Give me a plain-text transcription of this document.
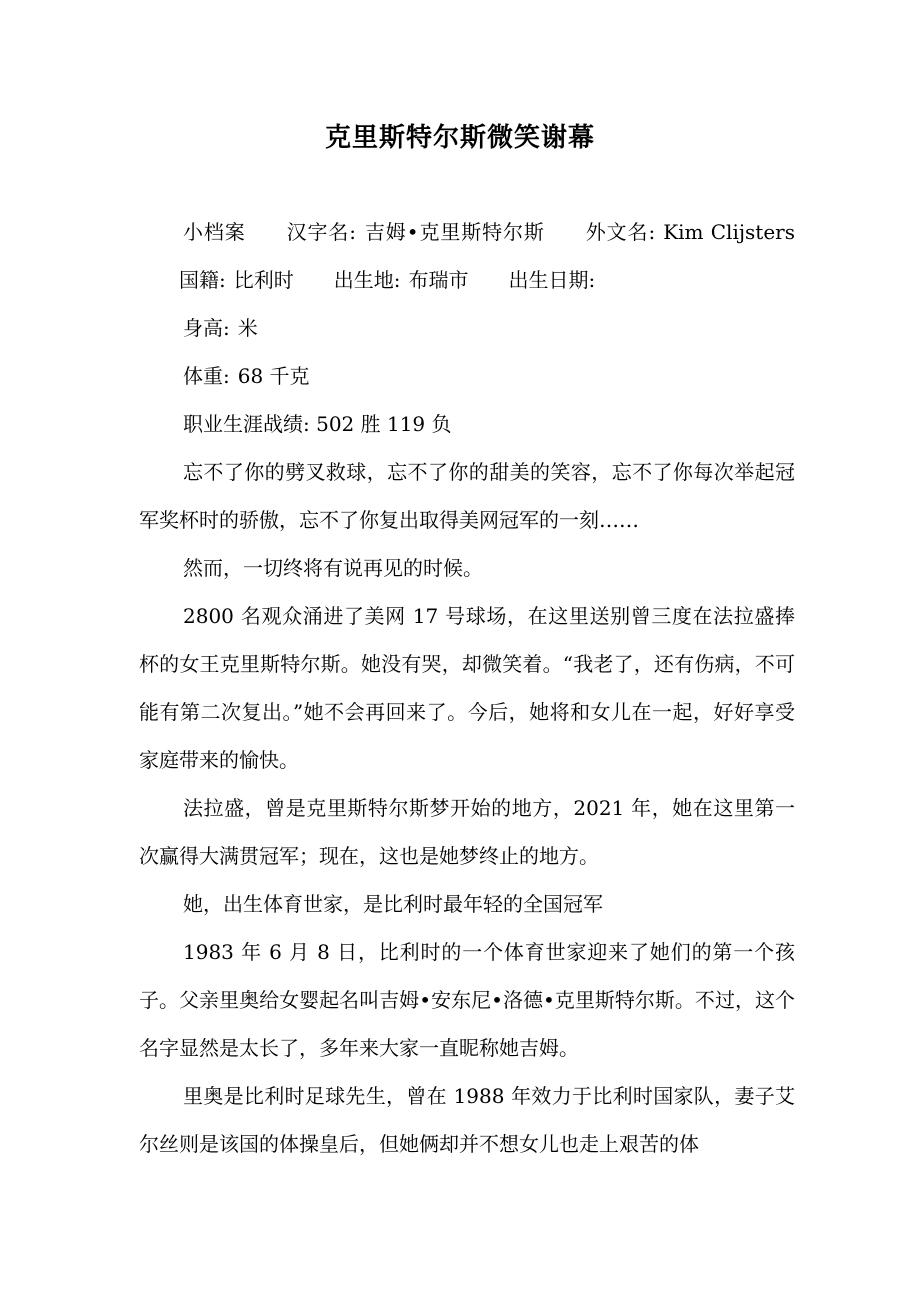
克里斯特尔斯微笑谢幕

小档案 汉字名: 吉姆•克里斯特尔斯 外文名: Kim Clijsters国籍: 比利时 出生地: 布瑞市 出生日期:

身高: 米

体重: 68 千克

职业生涯战绩: 502 胜 119 负

忘不了你的劈叉救球，忘不了你的甜美的笑容，忘不了你每次举起冠军奖杯时的骄傲，忘不了你复出取得美网冠军的一刻……

然而，一切终将有说再见的时候。

2800 名观众涌进了美网 17 号球场，在这里送别曾三度在法拉盛捧杯的女王克里斯特尔斯。她没有哭，却微笑着。“我老了，还有伤病，不可能有第二次复出。”她不会再回来了。今后，她将和女儿在一起，好好享受家庭带来的愉快。

法拉盛，曾是克里斯特尔斯梦开始的地方，2021 年，她在这里第一次赢得大满贯冠军；现在，这也是她梦终止的地方。

她，出生体育世家，是比利时最年轻的全国冠军

1983 年 6 月 8 日，比利时的一个体育世家迎来了她们的第一个孩子。父亲里奥给女婴起名叫吉姆•安东尼•洛德•克里斯特尔斯。不过，这个名字显然是太长了，多年来大家一直昵称她吉姆。

里奥是比利时足球先生，曾在 1988 年效力于比利时国家队，妻子艾尔丝则是该国的体操皇后，但她俩却并不想女儿也走上艰苦的体
